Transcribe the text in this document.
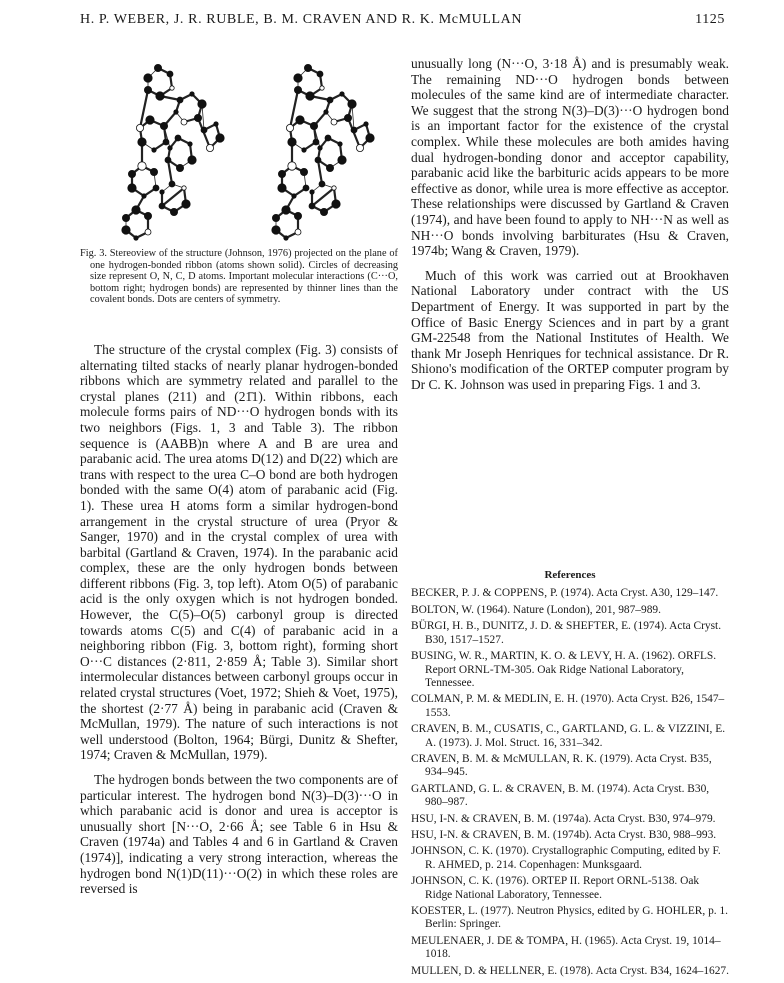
H. P. WEBER, J. R. RUBLE, B. M. CRAVEN AND R. K. McMULLAN	1125
Fig. 3. Stereoview of the structure (Johnson, 1976) projected on the plane of one hydrogen-bonded ribbon (atoms shown solid). Circles of decreasing size represent O, N, C, D atoms. Important molecular interactions (C···O, bottom right; hydrogen bonds) are represented by thinner lines than the covalent bonds. Dots are centers of symmetry.

The structure of the crystal complex (Fig. 3) consists of alternating tilted stacks of nearly planar hydrogen-bonded ribbons which are symmetry related and parallel to the crystal planes (211) and (21̄1). Within ribbons, each molecule forms pairs of ND···O hydrogen bonds with its two neighbors (Figs. 1, 3 and Table 3). The ribbon sequence is (AABB)n where A and B are urea and parabanic acid. The urea atoms D(12) and D(22) which are trans with respect to the urea C–O bond are both hydrogen bonded with the same O(4) atom of parabanic acid (Fig. 1). These urea H atoms form a similar hydrogen-bond arrangement in the crystal structure of urea (Pryor & Sanger, 1970) and in the crystal complex of urea with barbital (Gartland & Craven, 1974). In the parabanic acid complex, these are the only hydrogen bonds between different ribbons (Fig. 3, top left). Atom O(5) of parabanic acid is the only oxygen which is not hydrogen bonded. However, the C(5)–O(5) carbonyl group is directed towards atoms C(5) and C(4) of parabanic acid in a neighboring ribbon (Fig. 3, bottom right), forming short O···C distances (2·811, 2·859 Å; Table 3). Similar short intermolecular distances between carbonyl groups occur in related crystal structures (Voet, 1972; Shieh & Voet, 1975), the shortest (2·77 Å) being in parabanic acid (Craven & McMullan, 1979). The nature of such interactions is not well understood (Bolton, 1964; Bürgi, Dunitz & Shefter, 1974; Craven & McMullan, 1979).

The hydrogen bonds between the two components are of particular interest. The hydrogen bond N(3)–D(3)···O in which parabanic acid is donor and urea is acceptor is unusually short [N···O, 2·66 Å; see Table 6 in Hsu & Craven (1974a) and Tables 4 and 6 in Gartland & Craven (1974)], indicating a very strong interaction, whereas the hydrogen bond N(1)D(11)···O(2) in which these roles are reversed is

unusually long (N···O, 3·18 Å) and is presumably weak. The remaining ND···O hydrogen bonds between molecules of the same kind are of intermediate character. We suggest that the strong N(3)–D(3)···O hydrogen bond is an important factor for the existence of the crystal complex. While these molecules are both amides having dual hydrogen-bonding donor and acceptor capability, parabanic acid like the barbituric acids appears to be more effective as donor, while urea is more effective as acceptor. These relationships were discussed by Gartland & Craven (1974), and have been found to apply to NH···N as well as NH···O bonds involving barbiturates (Hsu & Craven, 1974b; Wang & Craven, 1979).

Much of this work was carried out at Brookhaven National Laboratory under contract with the US Department of Energy. It was supported in part by the Office of Basic Energy Sciences and in part by a grant GM-22548 from the National Institutes of Health. We thank Mr Joseph Henriques for technical assistance. Dr R. Shiono's modification of the ORTEP computer program by Dr C. K. Johnson was used in preparing Figs. 1 and 3.

References
BECKER, P. J. & COPPENS, P. (1974). Acta Cryst. A30, 129–147.
BOLTON, W. (1964). Nature (London), 201, 987–989.
BÜRGI, H. B., DUNITZ, J. D. & SHEFTER, E. (1974). Acta Cryst. B30, 1517–1527.
BUSING, W. R., MARTIN, K. O. & LEVY, H. A. (1962). ORFLS. Report ORNL-TM-305. Oak Ridge National Laboratory, Tennessee.
COLMAN, P. M. & MEDLIN, E. H. (1970). Acta Cryst. B26, 1547–1553.
CRAVEN, B. M., CUSATIS, C., GARTLAND, G. L. & VIZZINI, E. A. (1973). J. Mol. Struct. 16, 331–342.
CRAVEN, B. M. & McMULLAN, R. K. (1979). Acta Cryst. B35, 934–945.
GARTLAND, G. L. & CRAVEN, B. M. (1974). Acta Cryst. B30, 980–987.
HSU, I-N. & CRAVEN, B. M. (1974a). Acta Cryst. B30, 974–979.
HSU, I-N. & CRAVEN, B. M. (1974b). Acta Cryst. B30, 988–993.
JOHNSON, C. K. (1970). Crystallographic Computing, edited by F. R. AHMED, p. 214. Copenhagen: Munksgaard.
JOHNSON, C. K. (1976). ORTEP II. Report ORNL-5138. Oak Ridge National Laboratory, Tennessee.
KOESTER, L. (1977). Neutron Physics, edited by G. HOHLER, p. 1. Berlin: Springer.
MEULENAER, J. DE & TOMPA, H. (1965). Acta Cryst. 19, 1014–1018.
MULLEN, D. & HELLNER, E. (1978). Acta Cryst. B34, 1624–1627.
